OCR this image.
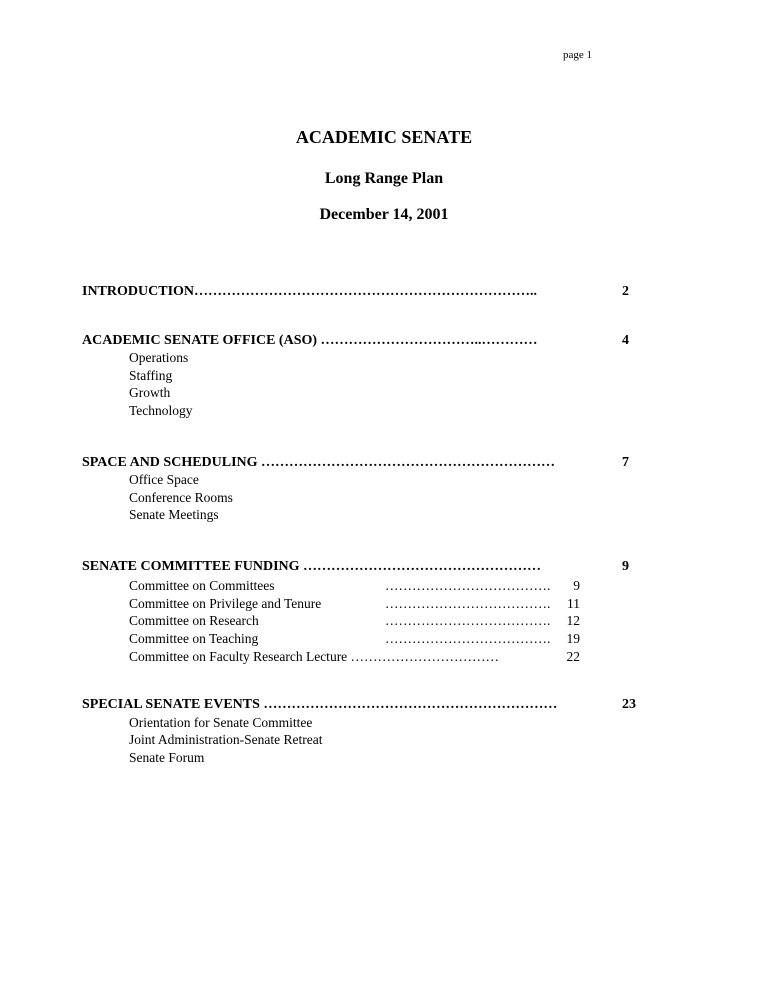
page 1
ACADEMIC SENATE
Long Range Plan
December 14, 2001
INTRODUCTION………………………………………………………………..	2
ACADEMIC SENATE OFFICE (ASO) ……………………………..…………	4
Operations
Staffing
Growth
Technology
SPACE AND SCHEDULING ………………………………………………………	7
Office Space
Conference Rooms
Senate Meetings
SENATE COMMITTEE FUNDING ……………………………………………	9
Committee on Committees	……………………………….	9
Committee on Privilege and Tenure	……………………………….	11
Committee on Research	……………………………….	12
Committee on Teaching	……………………………….	19
Committee on Faculty Research Lecture ……………………………	22
SPECIAL SENATE EVENTS ………………………………………………………	23
Orientation for Senate Committee
Joint Administration-Senate Retreat
Senate Forum
